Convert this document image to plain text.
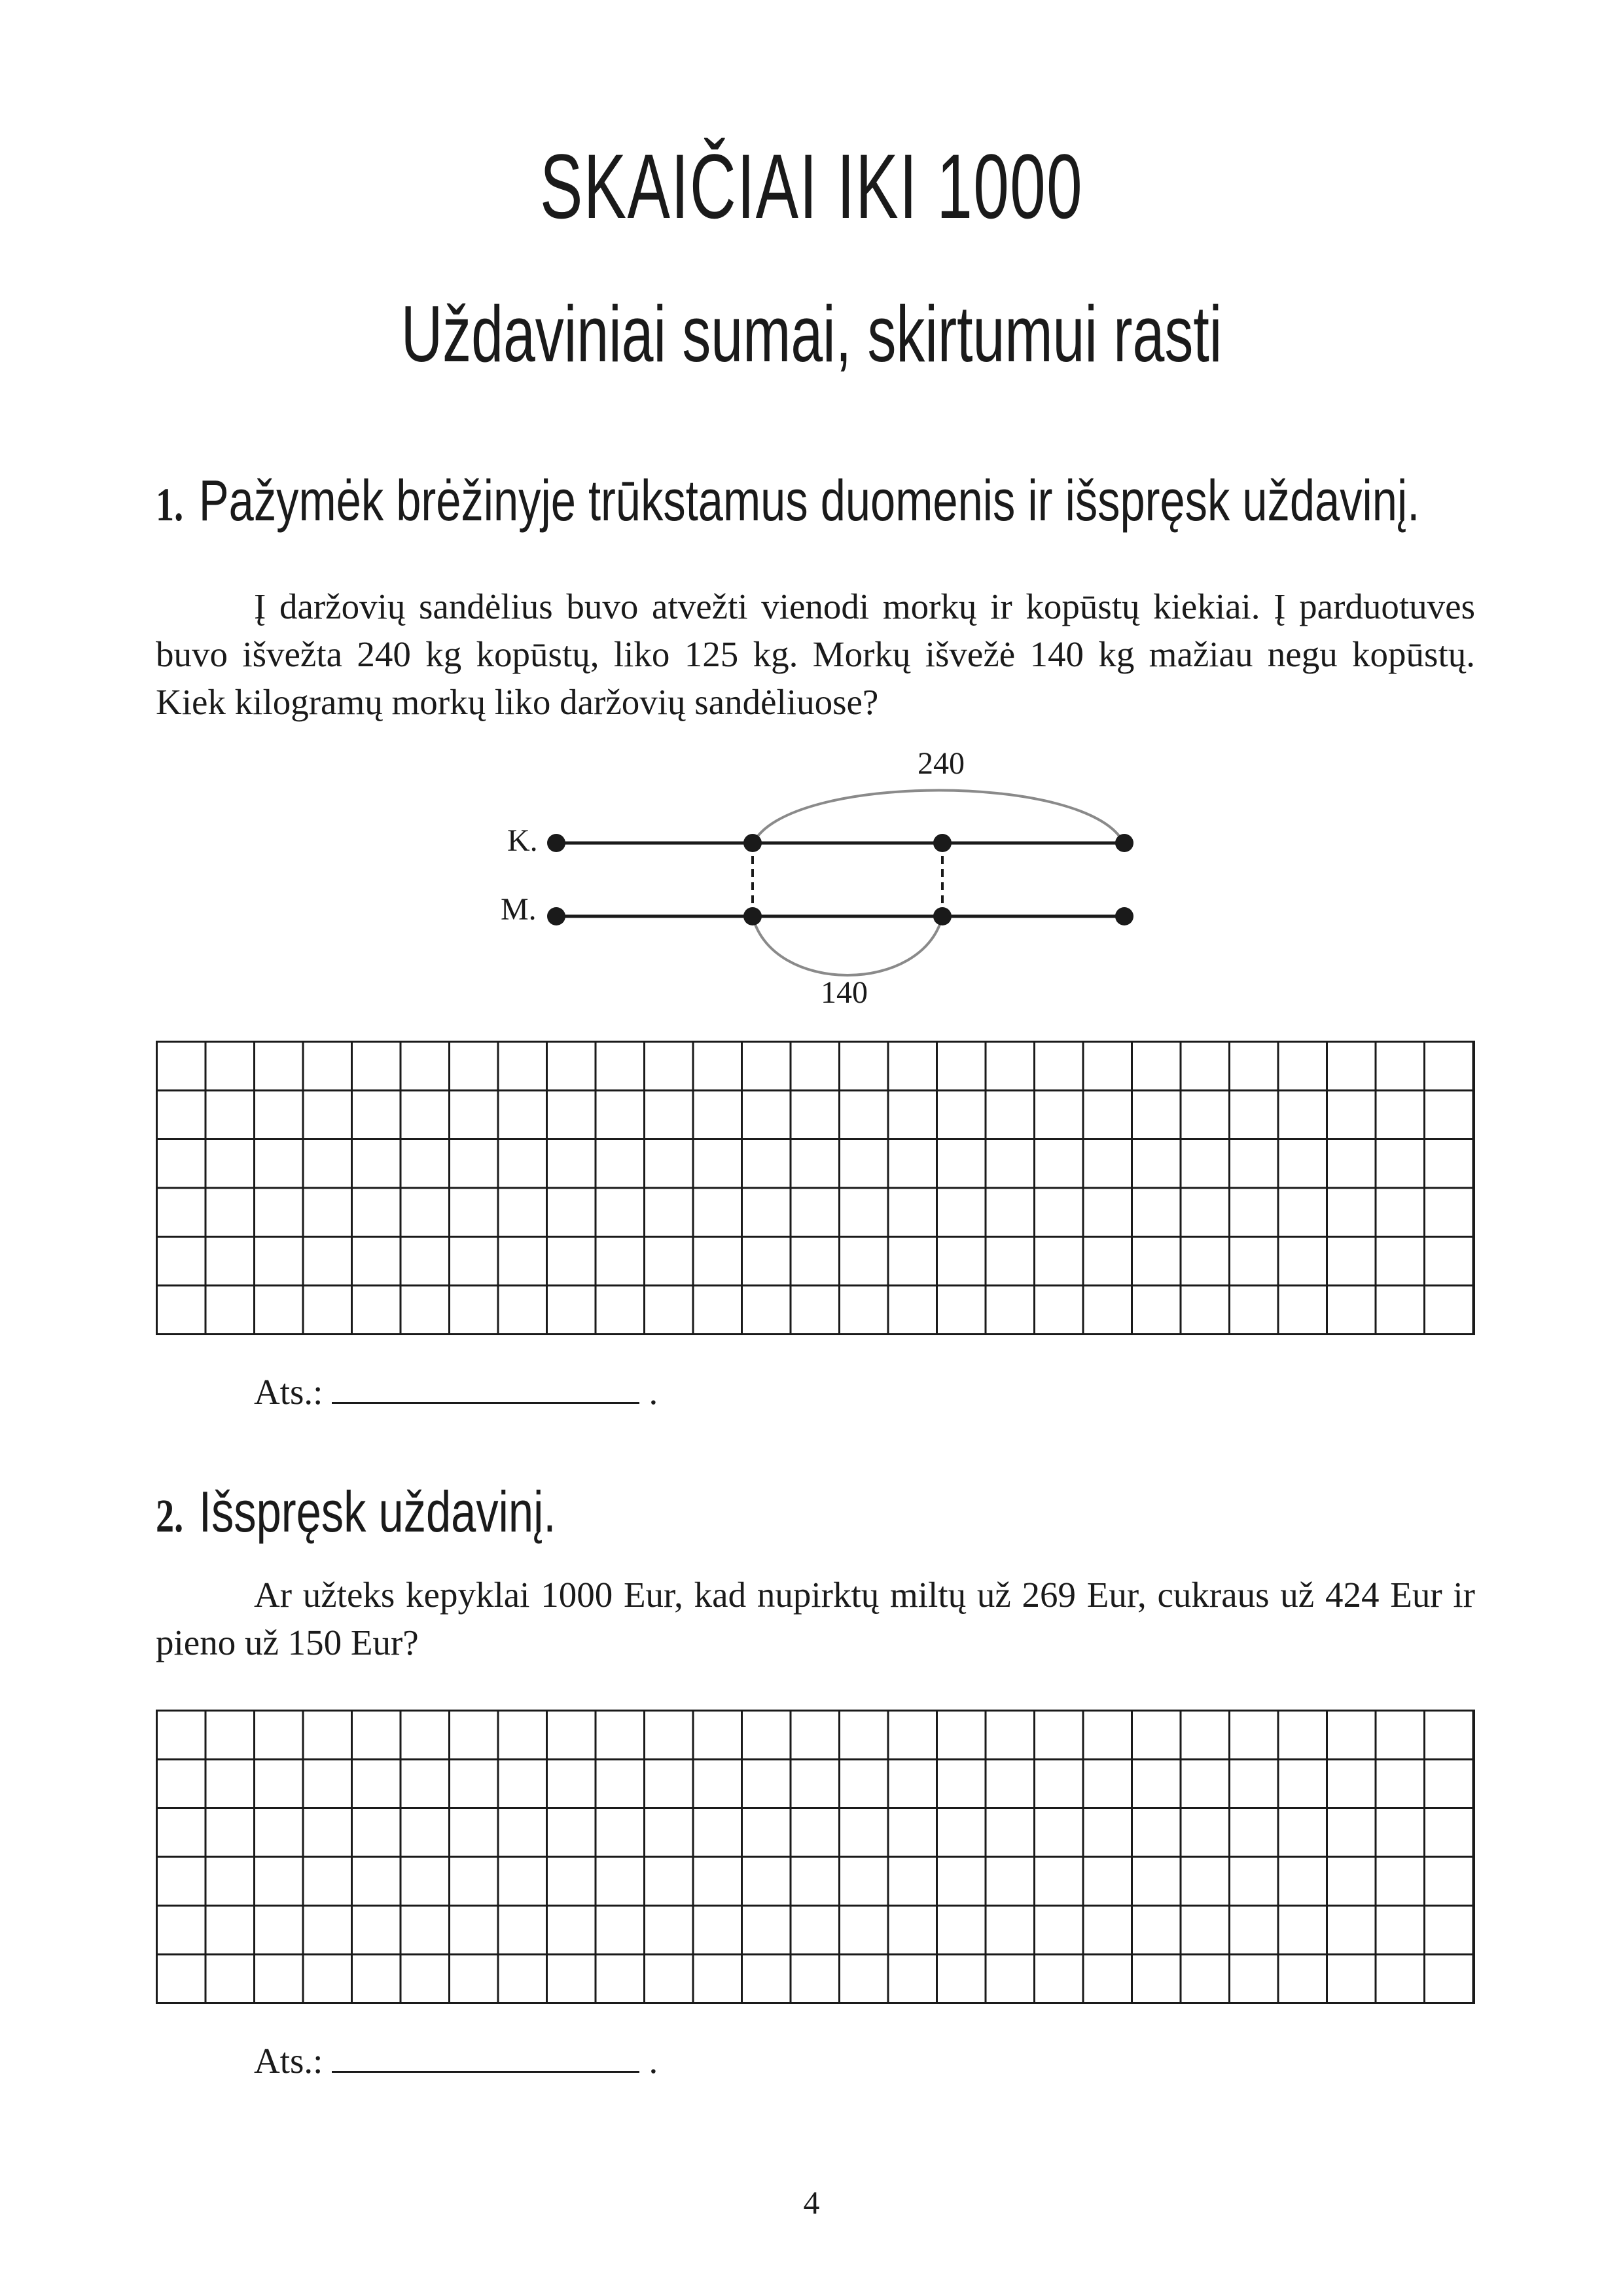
SKAIČIAI IKI 1000
Uždaviniai sumai, skirtumui rasti
1. Pažymėk brėžinyje trūkstamus duomenis ir išspręsk uždavinį.

Į daržovių sandėlius buvo atvežti vienodi morkų ir kopūstų kiekiai. Į parduotuves buvo išvežta 240 kg kopūstų, liko 125 kg. Morkų išvežė 140 kg mažiau negu kopūstų. Kiek kilogramų morkų liko daržovių sandėliuose?

K.
M.
240
140
Ats.:	.
2. Išspręsk uždavinį.

Ar užteks kepyklai 1000 Eur, kad nupirktų miltų už 269 Eur, cukraus už 424 Eur ir pieno už 150 Eur?

Ats.:	.
4
